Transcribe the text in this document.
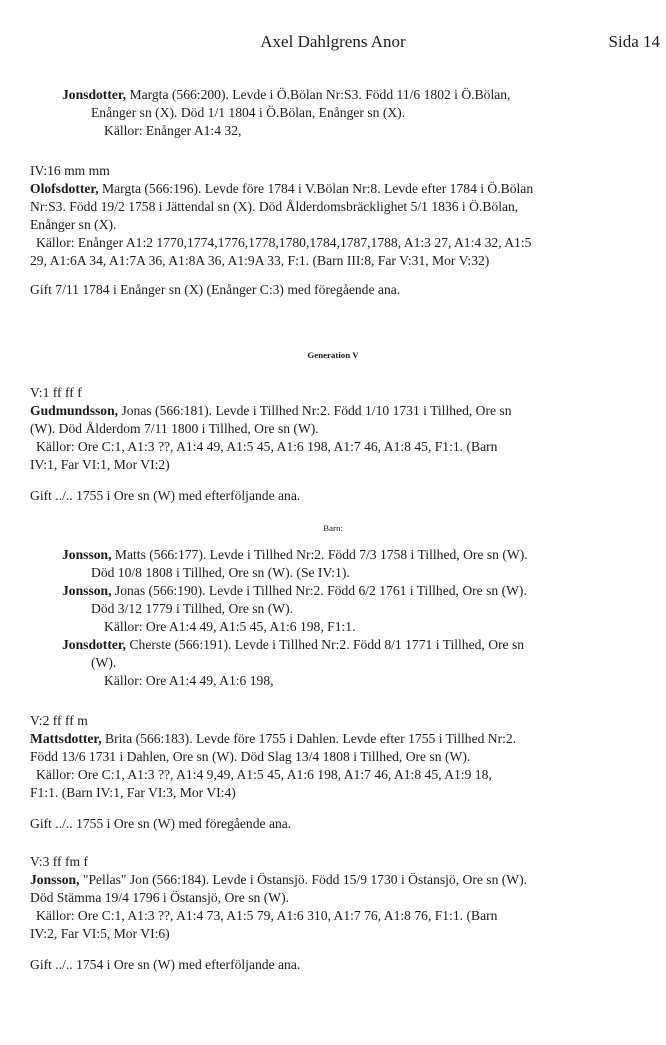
Axel Dahlgrens Anor	Sida 14
Jonsdotter, Margta (566:200). Levde i Ö.Bölan Nr:S3. Född 11/6 1802 i Ö.Bölan,
Enånger sn (X). Död 1/1 1804 i Ö.Bölan, Enånger sn (X).
Källor: Enånger A1:4 32,
IV:16 mm mm
Olofsdotter, Margta (566:196). Levde före 1784 i V.Bölan Nr:8. Levde efter 1784 i Ö.Bölan
Nr:S3. Född 19/2 1758 i Jättendal sn (X). Död Ålderdomsbräcklighet 5/1 1836 i Ö.Bölan,
Enånger sn (X).
Källor: Enånger A1:2 1770,1774,1776,1778,1780,1784,1787,1788, A1:3 27, A1:4 32, A1:5
29, A1:6A 34, A1:7A 36, A1:8A 36, A1:9A 33, F:1. (Barn III:8, Far V:31, Mor V:32)
Gift 7/11 1784 i Enånger sn (X) (Enånger C:3) med föregående ana.
Generation V
V:1 ff ff f
Gudmundsson, Jonas (566:181). Levde i Tillhed Nr:2. Född 1/10 1731 i Tillhed, Ore sn
(W). Död Ålderdom 7/11 1800 i Tillhed, Ore sn (W).
Källor: Ore C:1, A1:3 ??, A1:4 49, A1:5 45, A1:6 198, A1:7 46, A1:8 45, F1:1. (Barn
IV:1, Far VI:1, Mor VI:2)
Gift ../.. 1755 i Ore sn (W) med efterföljande ana.
Barn:
Jonsson, Matts (566:177). Levde i Tillhed Nr:2. Född 7/3 1758 i Tillhed, Ore sn (W).
Död 10/8 1808 i Tillhed, Ore sn (W). (Se IV:1).
Jonsson, Jonas (566:190). Levde i Tillhed Nr:2. Född 6/2 1761 i Tillhed, Ore sn (W).
Död 3/12 1779 i Tillhed, Ore sn (W).
Källor: Ore A1:4 49, A1:5 45, A1:6 198, F1:1.
Jonsdotter, Cherste (566:191). Levde i Tillhed Nr:2. Född 8/1 1771 i Tillhed, Ore sn
(W).
Källor: Ore A1:4 49, A1:6 198,
V:2 ff ff m
Mattsdotter, Brita (566:183). Levde före 1755 i Dahlen. Levde efter 1755 i Tillhed Nr:2.
Född 13/6 1731 i Dahlen, Ore sn (W). Död Slag 13/4 1808 i Tillhed, Ore sn (W).
Källor: Ore C:1, A1:3 ??, A1:4 9,49, A1:5 45, A1:6 198, A1:7 46, A1:8 45, A1:9 18,
F1:1. (Barn IV:1, Far VI:3, Mor VI:4)
Gift ../.. 1755 i Ore sn (W) med föregående ana.
V:3 ff fm f
Jonsson, "Pellas" Jon (566:184). Levde i Östansjö. Född 15/9 1730 i Östansjö, Ore sn (W).
Död Stämma 19/4 1796 i Östansjö, Ore sn (W).
Källor: Ore C:1, A1:3 ??, A1:4 73, A1:5 79, A1:6 310, A1:7 76, A1:8 76, F1:1. (Barn
IV:2, Far VI:5, Mor VI:6)
Gift ../.. 1754 i Ore sn (W) med efterföljande ana.
